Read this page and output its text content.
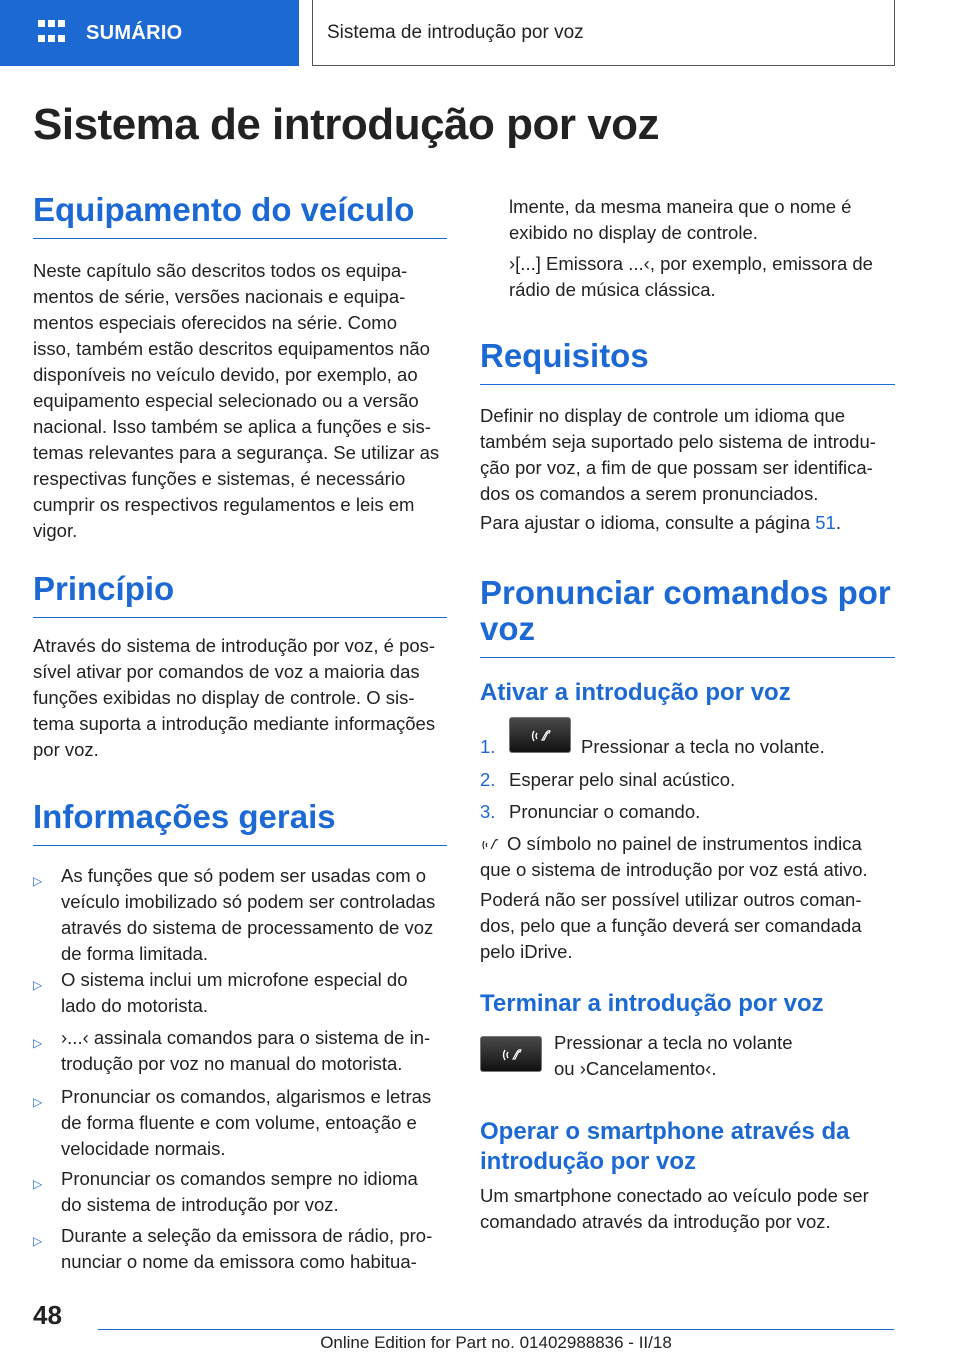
SUMÁRIO	Sistema de introdução por voz
Sistema de introdução por voz
Equipamento do veículo
Neste capítulo são descritos todos os equipa‐
mentos de série, versões nacionais e equipa‐
mentos especiais oferecidos na série. Como
isso, também estão descritos equipamentos não
disponíveis no veículo devido, por exemplo, ao
equipamento especial selecionado ou a versão
nacional. Isso também se aplica a funções e sis‐
temas relevantes para a segurança. Se utilizar as
respectivas funções e sistemas, é necessário
cumprir os respectivos regulamentos e leis em
vigor.
Princípio
Através do sistema de introdução por voz, é pos‐
sível ativar por comandos de voz a maioria das
funções exibidas no display de controle. O sis‐
tema suporta a introdução mediante informações
por voz.
Informações gerais
▷ As funções que só podem ser usadas com o
veículo imobilizado só podem ser controladas
através do sistema de processamento de voz
de forma limitada.
▷ O sistema inclui um microfone especial do
lado do motorista.
▷ ›...‹ assinala comandos para o sistema de in‐
trodução por voz no manual do motorista.
▷ Pronunciar os comandos, algarismos e letras
de forma fluente e com volume, entoação e
velocidade normais.
▷ Pronunciar os comandos sempre no idioma
do sistema de introdução por voz.
▷ Durante a seleção da emissora de rádio, pro‐
nunciar o nome da emissora como habitua‐
lmente, da mesma maneira que o nome é
exibido no display de controle.
›[...] Emissora ...‹, por exemplo, emissora de
rádio de música clássica.
Requisitos
Definir no display de controle um idioma que
também seja suportado pelo sistema de introdu‐
ção por voz, a fim de que possam ser identifica‐
dos os comandos a serem pronunciados.
Para ajustar o idioma, consulte a página 51.
Pronunciar comandos por
voz
Ativar a introdução por voz
1.	Pressionar a tecla no volante.
2. Esperar pelo sinal acústico.
3. Pronunciar o comando.
O símbolo no painel de instrumentos indica
que o sistema de introdução por voz está ativo.
Poderá não ser possível utilizar outros coman‐
dos, pelo que a função deverá ser comandada
pelo iDrive.
Terminar a introdução por voz
Pressionar a tecla no volante
ou ›Cancelamento‹.
Operar o smartphone através da
introdução por voz
Um smartphone conectado ao veículo pode ser
comandado através da introdução por voz.
48
Online Edition for Part no. 01402988836 - II/18
